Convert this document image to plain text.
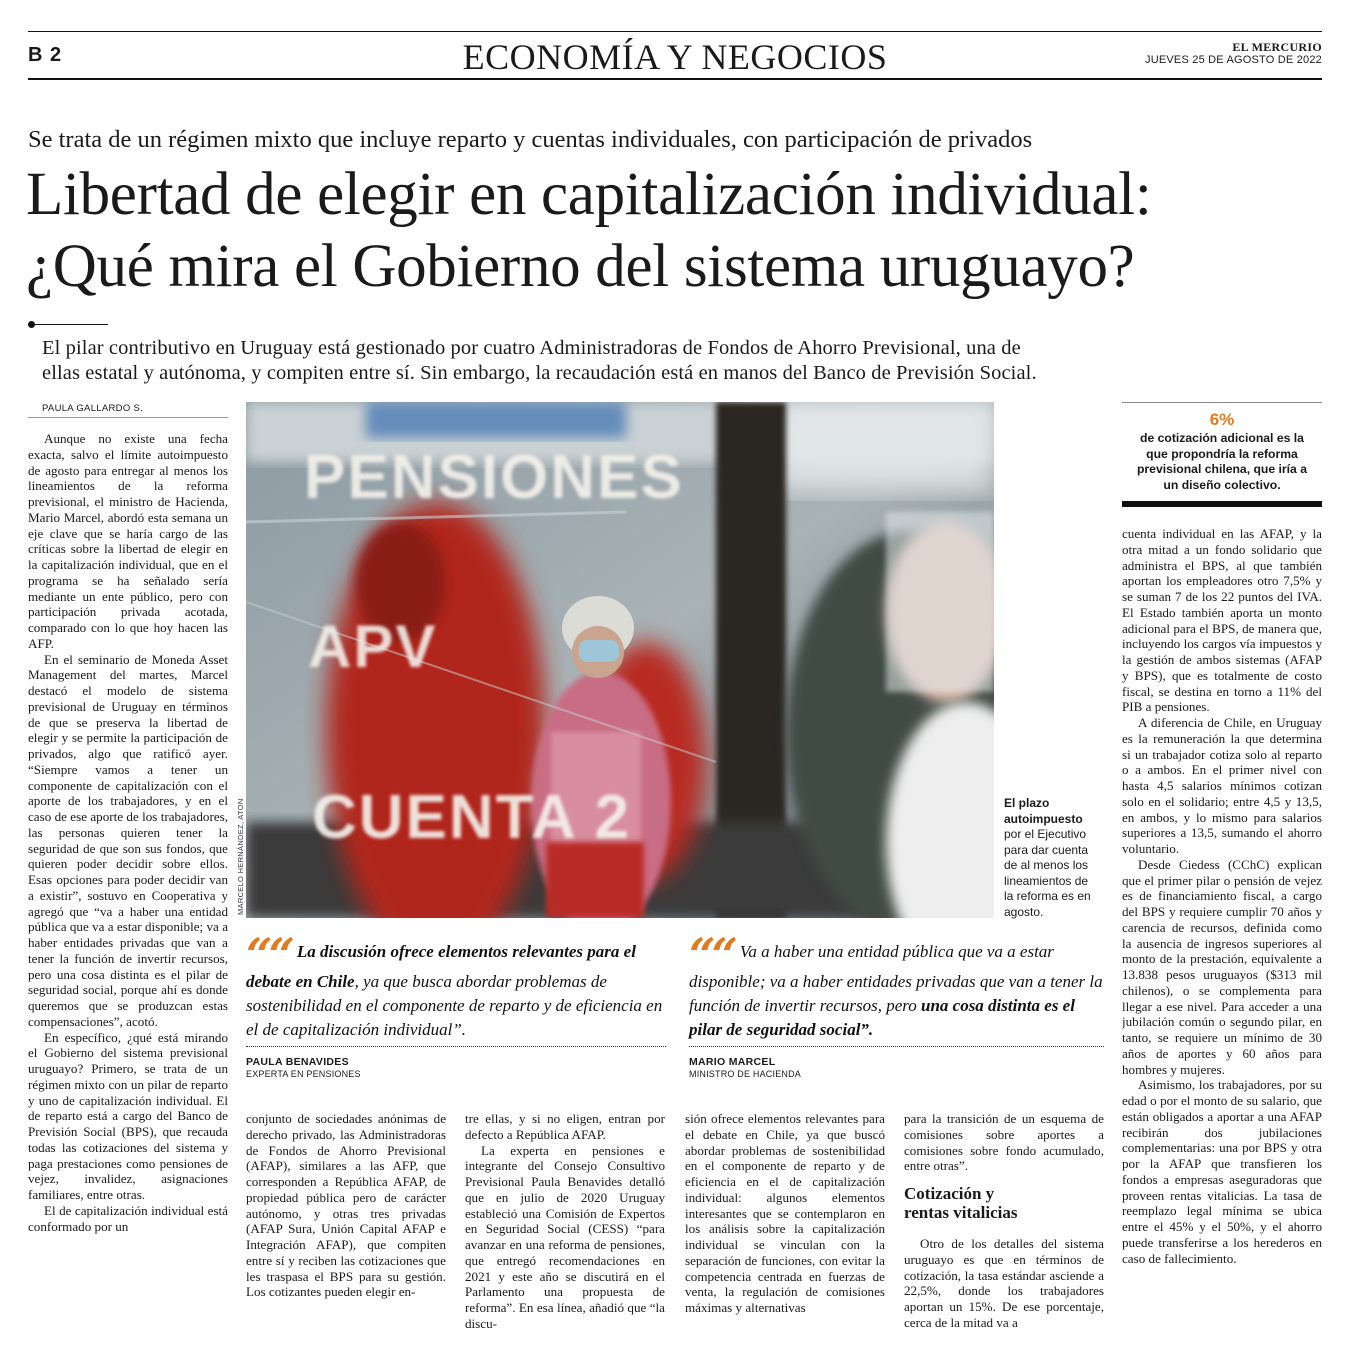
B 2	ECONOMÍA Y NEGOCIOS	EL MERCURIO
JUEVES 25 DE AGOSTO DE 2022
Se trata de un régimen mixto que incluye reparto y cuentas individuales, con participación de privados
Libertad de elegir en capitalización individual:
¿Qué mira el Gobierno del sistema uruguayo?
El pilar contributivo en Uruguay está gestionado por cuatro Administradoras de Fondos de Ahorro Previsional, una de
ellas estatal y autónoma, y compiten entre sí. Sin embargo, la recaudación está en manos del Banco de Previsión Social.
PAULA GALLARDO S.

Aunque no existe una fecha exacta, salvo el límite autoimpuesto de agosto para entregar al menos los lineamientos de la reforma previsional, el ministro de Hacienda, Mario Marcel, abordó esta semana un eje clave que se haría cargo de las críticas sobre la libertad de elegir en la capitalización individual, que en el programa se ha señalado sería mediante un ente público, pero con participación privada acotada, comparado con lo que hoy hacen las AFP.

En el seminario de Moneda Asset Management del martes, Marcel destacó el modelo de sistema previsional de Uruguay en términos de que se preserva la libertad de elegir y se permite la participación de privados, algo que ratificó ayer. “Siempre vamos a tener un componente de capitalización con el aporte de los trabajadores, y en el caso de ese aporte de los trabajadores, las personas quieren tener la seguridad de que son sus fondos, que quieren poder decidir sobre ellos. Esas opciones para poder decidir van a existir”, sostuvo en Cooperativa y agregó que “va a haber una entidad pública que va a estar disponible; va a haber entidades privadas que van a tener la función de invertir recursos, pero una cosa distinta es el pilar de seguridad social, porque ahí es donde queremos que se produzcan estas compensaciones”, acotó.

En específico, ¿qué está mirando el Gobierno del sistema previsional uruguayo? Primero, se trata de un régimen mixto con un pilar de reparto y uno de capitalización individual. El de reparto está a cargo del Banco de Previsión Social (BPS), que recauda todas las cotizaciones del sistema y paga prestaciones como pensiones de vejez, invalidez, asignaciones familiares, entre otras.

El de capitalización individual está conformado por un

PENSIONES
APV
CUENTA 2
MARCELO HERNÁNDEZ, ATON	El plazo autoimpuesto por el Ejecutivo para dar cuenta de al menos los lineamientos de la reforma es en agosto.
6%
de cotización adicional es la que propondría la reforma previsional chilena, que iría a un diseño colectivo.
““ La discusión ofrece elementos relevantes para el debate en Chile, ya que busca abordar problemas de sostenibilidad en el componente de reparto y de eficiencia en el de capitalización individual”.
PAULA BENAVIDES
EXPERTA EN PENSIONES
““ Va a haber una entidad pública que va a estar disponible; va a haber entidades privadas que van a tener la función de invertir recursos, pero una cosa distinta es el pilar de seguridad social”.
MARIO MARCEL
MINISTRO DE HACIENDA

conjunto de sociedades anónimas de derecho privado, las Administradoras de Fondos de Ahorro Previsional (AFAP), similares a las AFP, que corresponden a República AFAP, de propiedad pública pero de carácter autónomo, y otras tres privadas (AFAP Sura, Unión Capital AFAP e Integración AFAP), que compiten entre sí y reciben las cotizaciones que les traspasa el BPS para su gestión. Los cotizantes pueden elegir en-

tre ellas, y si no eligen, entran por defecto a República AFAP.

La experta en pensiones e integrante del Consejo Consultivo Previsional Paula Benavides detalló que en julio de 2020 Uruguay estableció una Comisión de Expertos en Seguridad Social (CESS) “para avanzar en una reforma de pensiones, que entregó recomendaciones en 2021 y este año se discutirá en el Parlamento una propuesta de reforma”. En esa línea, añadió que “la discu-

sión ofrece elementos relevantes para el debate en Chile, ya que buscó abordar problemas de sostenibilidad en el componente de reparto y de eficiencia en el de capitalización individual: algunos elementos interesantes que se contemplaron en los análisis sobre la capitalización individual se vinculan con la separación de funciones, con evitar la competencia centrada en fuerzas de venta, la regulación de comisiones máximas y alternativas

para la transición de un esquema de comisiones sobre aportes a comisiones sobre fondo acumulado, entre otras”.

Cotización y
rentas vitalicias

Otro de los detalles del sistema uruguayo es que en términos de cotización, la tasa estándar asciende a 22,5%, donde los trabajadores aportan un 15%. De ese porcentaje, cerca de la mitad va a

cuenta individual en las AFAP, y la otra mitad a un fondo solidario que administra el BPS, al que también aportan los empleadores otro 7,5% y se suman 7 de los 22 puntos del IVA. El Estado también aporta un monto adicional para el BPS, de manera que, incluyendo los cargos vía impuestos y la gestión de ambos sistemas (AFAP y BPS), que es totalmente de costo fiscal, se destina en torno a 11% del PIB a pensiones.

A diferencia de Chile, en Uruguay es la remuneración la que determina si un trabajador cotiza solo al reparto o a ambos. En el primer nivel con hasta 4,5 salarios mínimos cotizan solo en el solidario; entre 4,5 y 13,5, en ambos, y lo mismo para salarios superiores a 13,5, sumando el ahorro voluntario.

Desde Ciedess (CChC) explican que el primer pilar o pensión de vejez es de financiamiento fiscal, a cargo del BPS y requiere cumplir 70 años y carencia de recursos, definida como la ausencia de ingresos superiores al monto de la prestación, equivalente a 13.838 pesos uruguayos ($313 mil chilenos), o se complementa para llegar a ese nivel. Para acceder a una jubilación común o segundo pilar, en tanto, se requiere un mínimo de 30 años de aportes y 60 años para hombres y mujeres.

Asimismo, los trabajadores, por su edad o por el monto de su salario, que están obligados a aportar a una AFAP recibirán dos jubilaciones complementarias: una por BPS y otra por la AFAP que transfieren los fondos a empresas aseguradoras que proveen rentas vitalicias. La tasa de reemplazo legal mínima se ubica entre el 45% y el 50%, y el ahorro puede transferirse a los herederos en caso de fallecimiento.
